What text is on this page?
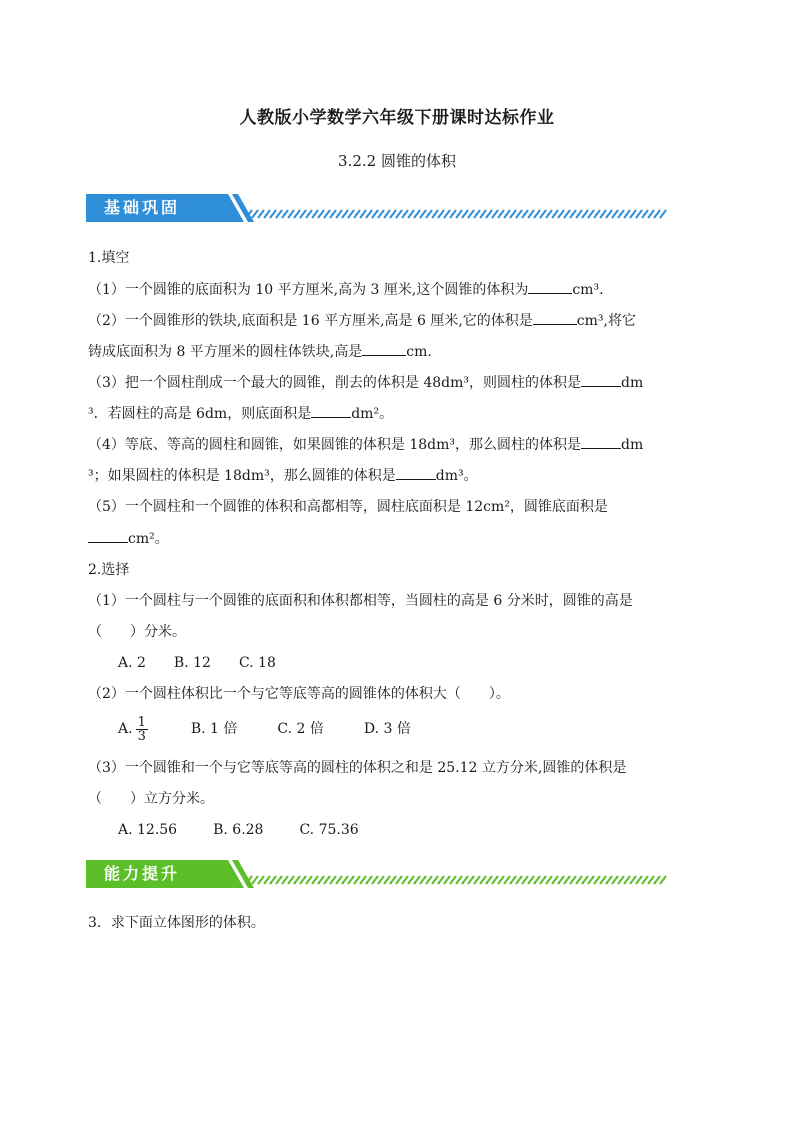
人教版小学数学六年级下册课时达标作业
3.2.2 圆锥的体积
基础巩固
1.填空
（1）一个圆锥的底面积为 10 平方厘米,高为 3 厘米,这个圆锥的体积为	cm³.
（2）一个圆锥形的铁块,底面积是 16 平方厘米,高是 6 厘米,它的体积是	cm³,将它
铸成底面积为 8 平方厘米的圆柱体铁块,高是	cm.
（3）把一个圆柱削成一个最大的圆锥，削去的体积是 48dm³，则圆柱的体积是	dm
³．若圆柱的高是 6dm，则底面积是	dm²。
（4）等底、等高的圆柱和圆锥，如果圆锥的体积是 18dm³，那么圆柱的体积是	dm
³；如果圆柱的体积是 18dm³，那么圆锥的体积是	dm³。
（5）一个圆柱和一个圆锥的体积和高都相等，圆柱底面积是 12cm²，圆锥底面积是
cm²。
2.选择
（1）一个圆柱与一个圆锥的底面积和体积都相等，当圆柱的高是 6 分米时，圆锥的高是
（　　）分米。
A. 2 B. 12 C. 18
（2）一个圆柱体积比一个与它等底等高的圆锥体的体积大（　　）。
A. $\frac{1}{3}$	B. 1 倍	C. 2 倍	D. 3 倍
（3）一个圆锥和一个与它等底等高的圆柱的体积之和是 25.12 立方分米,圆锥的体积是
（　　）立方分米。
A. 12.56	B. 6.28	C. 75.36
能力提升
3．求下面立体图形的体积。
